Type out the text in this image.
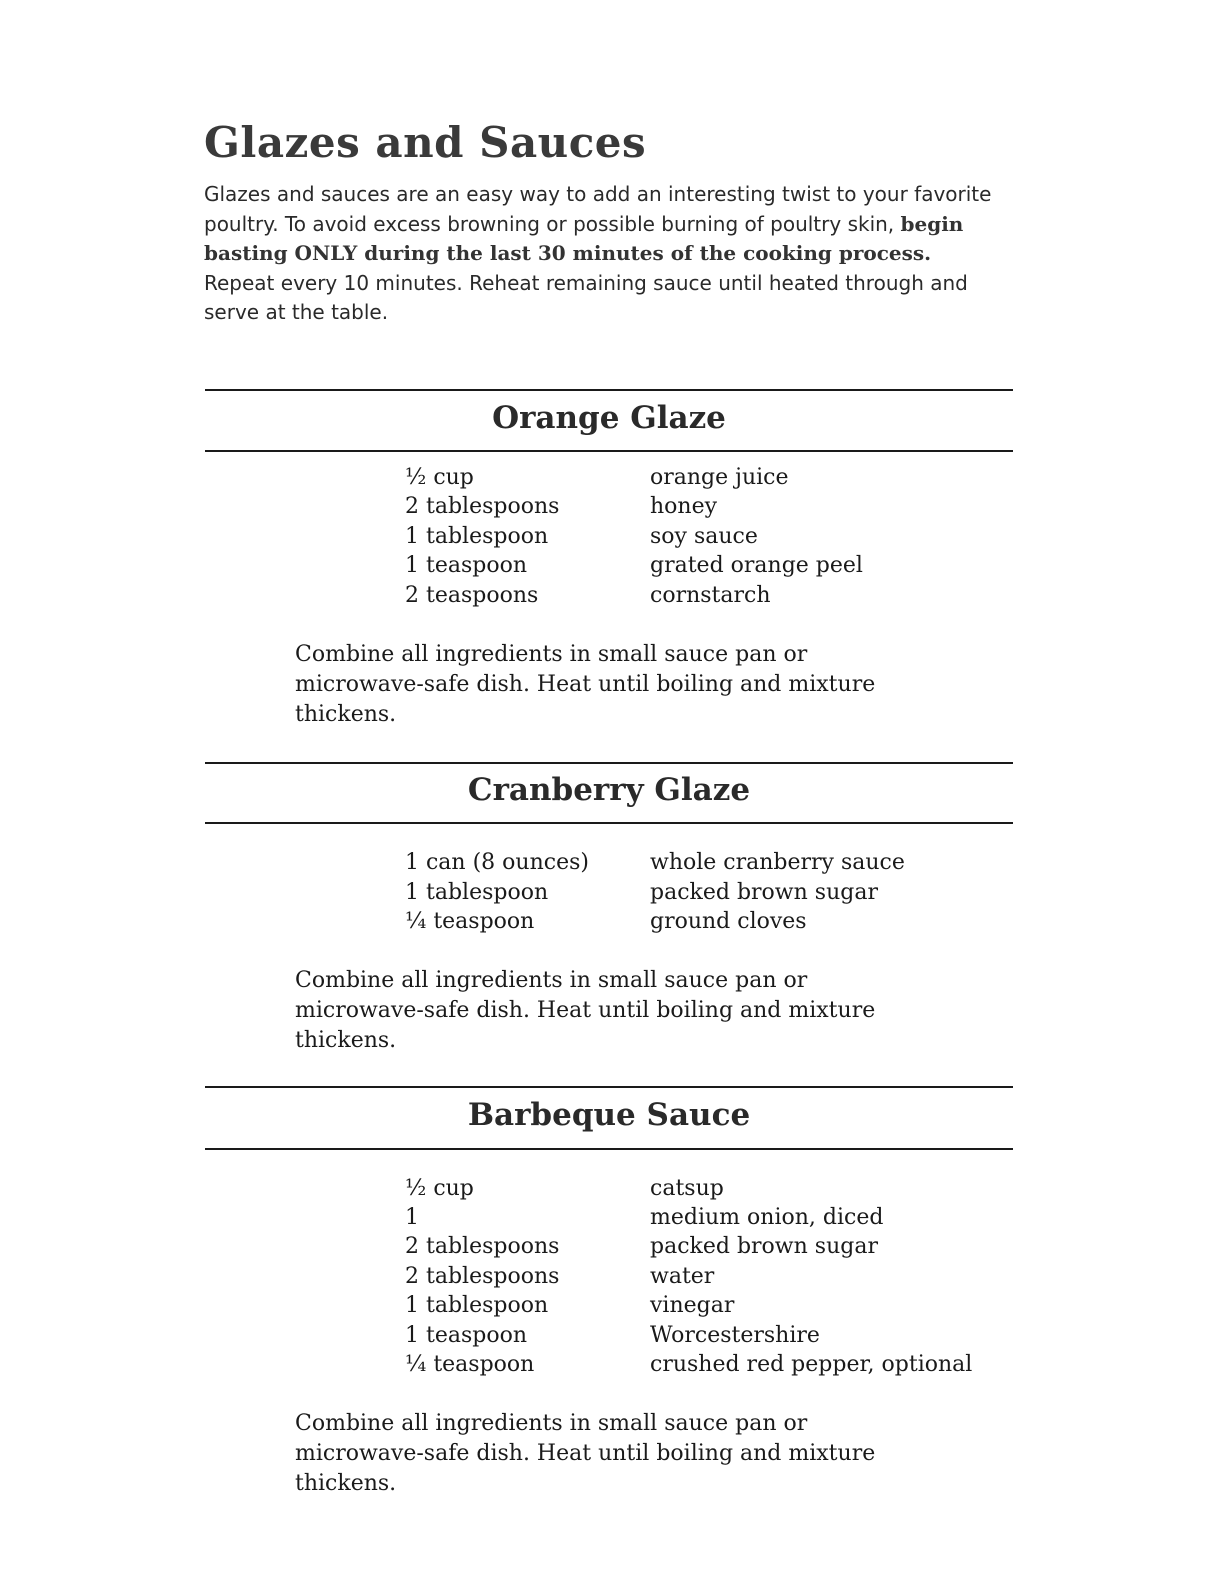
Glazes and Sauces

Glazes and sauces are an easy way to add an interesting twist to your favorite poultry. To avoid excess browning or possible burning of poultry skin, begin basting ONLY during the last 30 minutes of the cooking process. Repeat every 10 minutes. Reheat remaining sauce until heated through and serve at the table.

Orange Glaze
½ cup	orange juice
2 tablespoons	honey
1 tablespoon	soy sauce
1 teaspoon	grated orange peel
2 teaspoons	cornstarch

Combine all ingredients in small sauce pan or microwave-safe dish. Heat until boiling and mixture thickens.

Cranberry Glaze
1 can (8 ounces)	whole cranberry sauce
1 tablespoon	packed brown sugar
¼ teaspoon	ground cloves

Combine all ingredients in small sauce pan or microwave-safe dish. Heat until boiling and mixture thickens.

Barbeque Sauce
½ cup	catsup
1	medium onion, diced
2 tablespoons	packed brown sugar
2 tablespoons	water
1 tablespoon	vinegar
1 teaspoon	Worcestershire
¼ teaspoon	crushed red pepper, optional

Combine all ingredients in small sauce pan or microwave-safe dish. Heat until boiling and mixture thickens.
